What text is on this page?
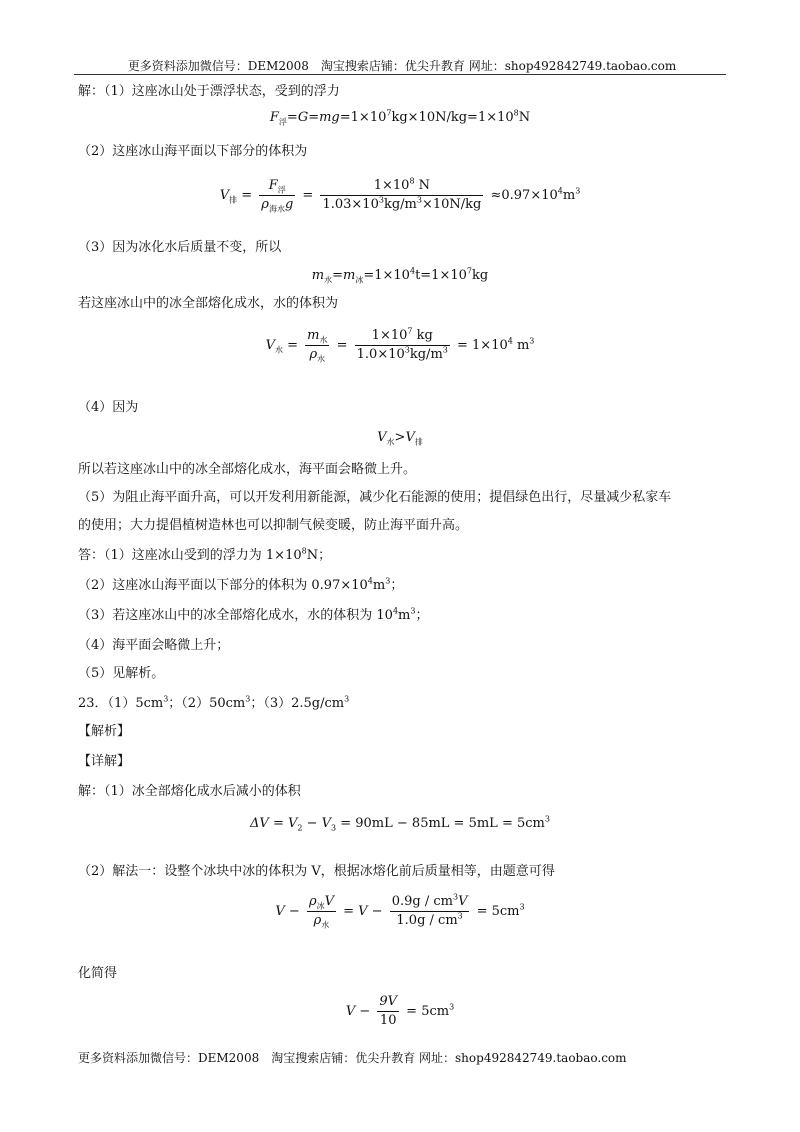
更多资料添加微信号：DEM2008　淘宝搜索店铺：优尖升教育 网址：shop492842749.taobao.com
解：（1）这座冰山处于漂浮状态，受到的浮力
$F_浮=G=mg=1\times 10^7kg\times 10N/kg=1\times 10^8N$
（2）这座冰山海平面以下部分的体积为
$V_排 = \frac{F_浮}{\rho_{海水}g} = \frac{1\times 10^8 N}{1.03\times 10^3kg/m^3\times 10N/kg} \approx 0.97\times 10^4m^3$
（3）因为冰化水后质量不变，所以
$m_水=m_冰=1\times 10^4t=1\times 10^7kg$
若这座冰山中的冰全部熔化成水，水的体积为
$V_水 = \frac{m_水}{\rho_水} = \frac{1\times 10^7 kg}{1.0\times 10^3kg/m^3} = 1\times 10^4$ $m^3$
（4）因为
$V_水>V_排$
所以若这座冰山中的冰全部熔化成水，海平面会略微上升。
（5）为阻止海平面升高，可以开发利用新能源，减少化石能源的使用；提倡绿色出行，尽量减少私家车
的使用；大力提倡植树造林也可以抑制气候变暖，防止海平面升高。
答：（1）这座冰山受到的浮力为 $1\times 10^8N$；
（2）这座冰山海平面以下部分的体积为 $0.97\times 10^4m^3$；
（3）若这座冰山中的冰全部熔化成水，水的体积为 $10^4m^3$；
（4）海平面会略微上升；
（5）见解析。
23．$(1)5cm^3$；$(2)50cm^3$；$(3)2.5g/cm^3$
【解析】
【详解】
解：（1）冰全部熔化成水后减小的体积
$\Delta V = V_2 - V_3 = 90mL - 85mL = 5mL = 5cm^3$
（2）解法一：设整个冰块中冰的体积为 V，根据冰熔化前后质量相等，由题意可得
$V - \frac{\rho_冰V}{\rho_水} = V - \frac{0.9g / cm^3V}{1.0g / cm^3} = 5cm^3$
化简得
$V - \frac{9V}{10} = 5cm^3$
更多资料添加微信号：DEM2008　淘宝搜索店铺：优尖升教育 网址：shop492842749.taobao.com
